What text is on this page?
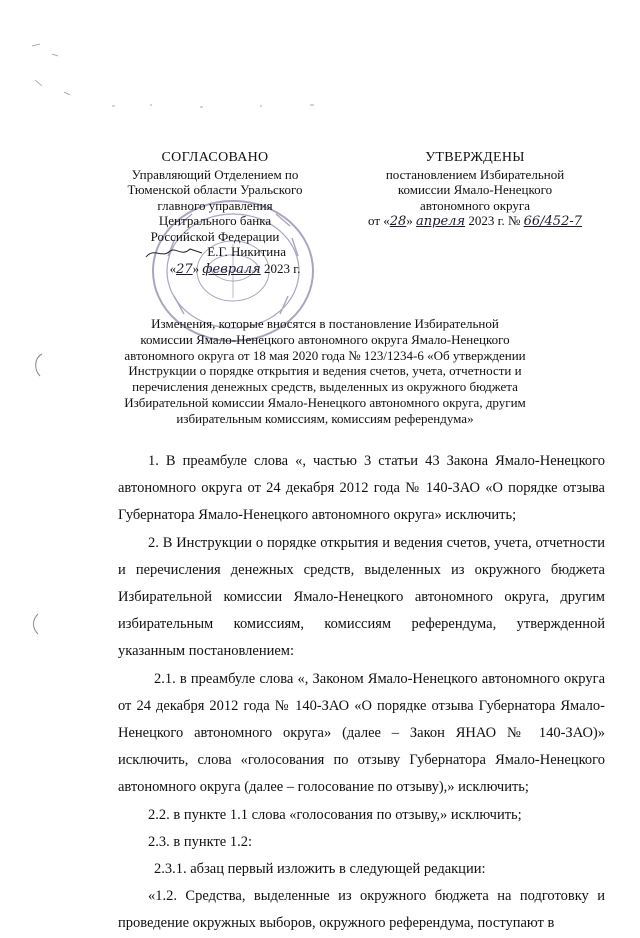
СОГЛАСОВАНО
Управляющий Отделением по
Тюменской области Уральского
главного управления
Центрального банка
Российской Федерации
Е.Г. Никитина
«27» февраля 2023 г.
УТВЕРЖДЕНЫ
постановлением Избирательной
комиссии Ямало-Ненецкого
автономного округа
от «28» апреля 2023 г. № 66/452-7
Изменения, которые вносятся в постановление Избирательной
комиссии Ямало-Ненецкого автономного округа Ямало-Ненецкого
автономного округа от 18 мая 2020 года № 123/1234-6 «Об утверждении
Инструкции о порядке открытия и ведения счетов, учета, отчетности и
перечисления денежных средств, выделенных из окружного бюджета
Избирательной комиссии Ямало-Ненецкого автономного округа, другим
избирательным комиссиям, комиссиям референдума»

1. В преамбуле слова «, частью 3 статьи 43 Закона Ямало-Ненецкого автономного округа от 24 декабря 2012 года № 140-ЗАО «О порядке отзыва Губернатора Ямало-Ненецкого автономного округа» исключить;

2. В Инструкции о порядке открытия и ведения счетов, учета, отчетности и перечисления денежных средств, выделенных из окружного бюджета Избирательной комиссии Ямало-Ненецкого автономного округа, другим избирательным комиссиям, комиссиям референдума, утвержденной указанным постановлением:

2.1. в преамбуле слова «, Законом Ямало-Ненецкого автономного округа от 24 декабря 2012 года № 140-ЗАО «О порядке отзыва Губернатора Ямало-Ненецкого автономного округа» (далее – Закон ЯНАО № 140-ЗАО)» исключить, слова «голосования по отзыву Губернатора Ямало-Ненецкого автономного округа (далее – голосование по отзыву),» исключить;

2.2. в пункте 1.1 слова «голосования по отзыву,» исключить;

2.3. в пункте 1.2:

2.3.1. абзац первый изложить в следующей редакции:

«1.2. Средства, выделенные из окружного бюджета на подготовку и проведение окружных выборов, окружного референдума, поступают в
